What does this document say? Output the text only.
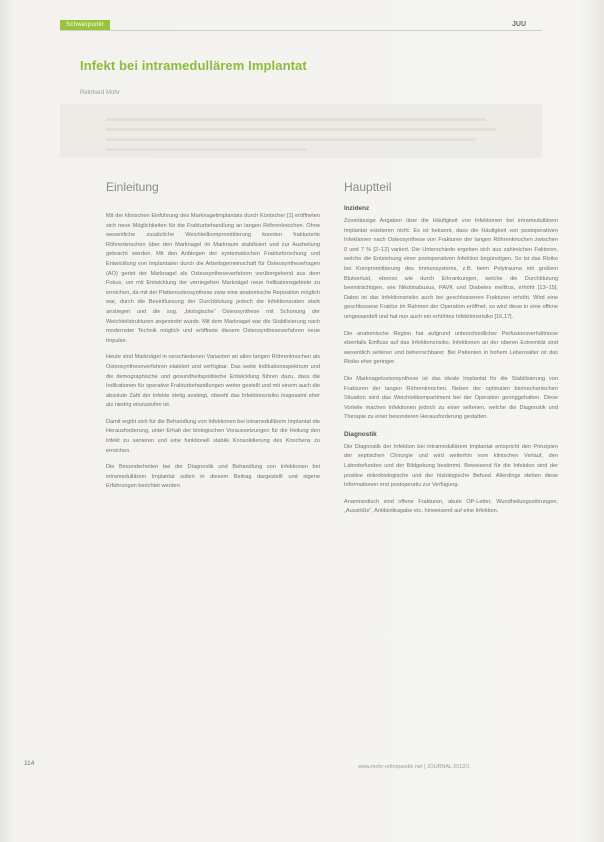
Schwerpunkt	JUU
Infekt bei intramedullärem Implantat
Reinhard Mohr
Einleitung	Hauptteil

Mit der klinischen Einführung des Marknagelimplantats durch Küntscher [1] eröffneten sich neue Möglichkeiten für die Frakturbehandlung an langen Röhrenknochen. Ohne wesentliche zusätzliche Weichteilkompromittierung konnten frakturierte Röhrenknochen über den Marknagel im Markraum stabilisiert und zur Ausheilung gebracht werden. Mit den Anfängen der systematischen Frakturforschung und Entwicklung von Implantaten durch die Arbeitsgemeinschaft für Osteosynthesefragen (AO) geriet der Marknagel als Osteosyntheseverfahren vorübergehend aus dem Fokus, um mit Entwicklung der verriegelten Marknägel neue Indikationsgebiete zu erreichen, da mit der Plattenosteosynthese zwar eine anatomische Reposition möglich war, durch die Beeinflussung der Durchblutung jedoch die Infektionsraten stark anstiegen und die sog. „biologische“ Osteosynthese mit Schonung der Weichteilstrukturen angestrebt wurde. Mit dem Marknagel war die Stabilisierung nach modernster Technik möglich und eröffnete diesem Osteosyntheseverfahren neue Impulse.

Heute sind Marknägel in verschiedenen Varianten an allen langen Röhrenknochen als Osteosyntheseverfahren etabliert und verfügbar. Das weite Indikationsspektrum und die demographische und gesundheitspolitische Entwicklung führen dazu, dass die Indikationen für operative Frakturbehandlungen weiter gestellt und mit einem auch die absolute Zahl der Infekte stetig ansteigt, obwohl das Infektionsrisiko insgesamt eher als niedrig einzustufen ist.

Damit ergibt sich für die Behandlung von Infektionen bei intramedullärem Implantat die Herausforderung, unter Erhalt der biologischen Voraussetzungen für die Heilung den Infekt zu sanieren und eine funktionell stabile Konsolidierung des Knochens zu erreichen.

Die Besonderheiten bei der Diagnostik und Behandlung von Infektionen bei intramedullärem Implantat sollen in diesem Beitrag dargestellt und eigene Erfahrungen berichtet werden.

Inzidenz

Zuverlässige Angaben über die Häufigkeit von Infektionen bei intramedullärem Implantat existieren nicht. Es ist bekannt, dass die Häufigkeit von postoperativen Infektionen nach Osteosynthese von Frakturen der langen Röhrenknochen zwischen 0 und 7 % [2–12] variiert. Die Unterschiede ergeben sich aus zahlreichen Faktoren, welche die Entstehung einer postoperativen Infektion begünstigen. So ist das Risiko bei Kompromittierung des Immunsystems, z.B. beim Polytrauma mit großem Blutverlust, ebenso wie durch Erkrankungen, welche die Durchblutung beeinträchtigen, wie Nikotinabusus, PAVK und Diabetes mellitus, erhöht [13–15]. Dabei ist das Infektionsrisiko auch bei geschlossenen Frakturen erhöht. Wird eine geschlossene Fraktur im Rahmen der Operation eröffnet, so wird diese in eine offene umgewandelt und hat nun auch ein erhöhtes Infektionsrisiko [16,17].

Die anatomische Region hat aufgrund unterschiedlicher Perfusionsverhältnisse ebenfalls Einfluss auf das Infektionsrisiko. Infektionen an der oberen Extremität sind wesentlich seltener und beherrschbarer. Bei Patienten in hohem Lebensalter ist das Risiko eher geringer.

Die Marknagelosteosynthese ist das ideale Implantat für die Stabilisierung von Frakturen der langen Röhrenknochen. Neben der optimalen biomechanischen Situation wird das Weichteilkompartiment bei der Operation geringgehalten. Diese Vorteile machen Infektionen jedoch zu einer seltenen, welche die Diagnostik und Therapie zu einer besonderen Herausforderung gestalten.

Diagnostik

Die Diagnostik der Infektion bei intramedullärem Implantat entspricht den Prinzipien der septischen Chirurgie und wird weiterhin vom klinischen Verlauf, den Laborbefunden und der Bildgebung bestimmt. Beweisend für die Infektion sind der positive mikrobiologische und der histologische Befund. Allerdings stehen diese Informationen erst postoperativ zur Verfügung.

Anamnestisch sind offene Frakturen, akute OP-Letter, Wundheilungsstörungen, „Ausstöße“, Antibiotikagabe etc. hinweisend auf eine Infektion.

114	www.mohr-orthopaedie.net | JOURNAL 2012/1
